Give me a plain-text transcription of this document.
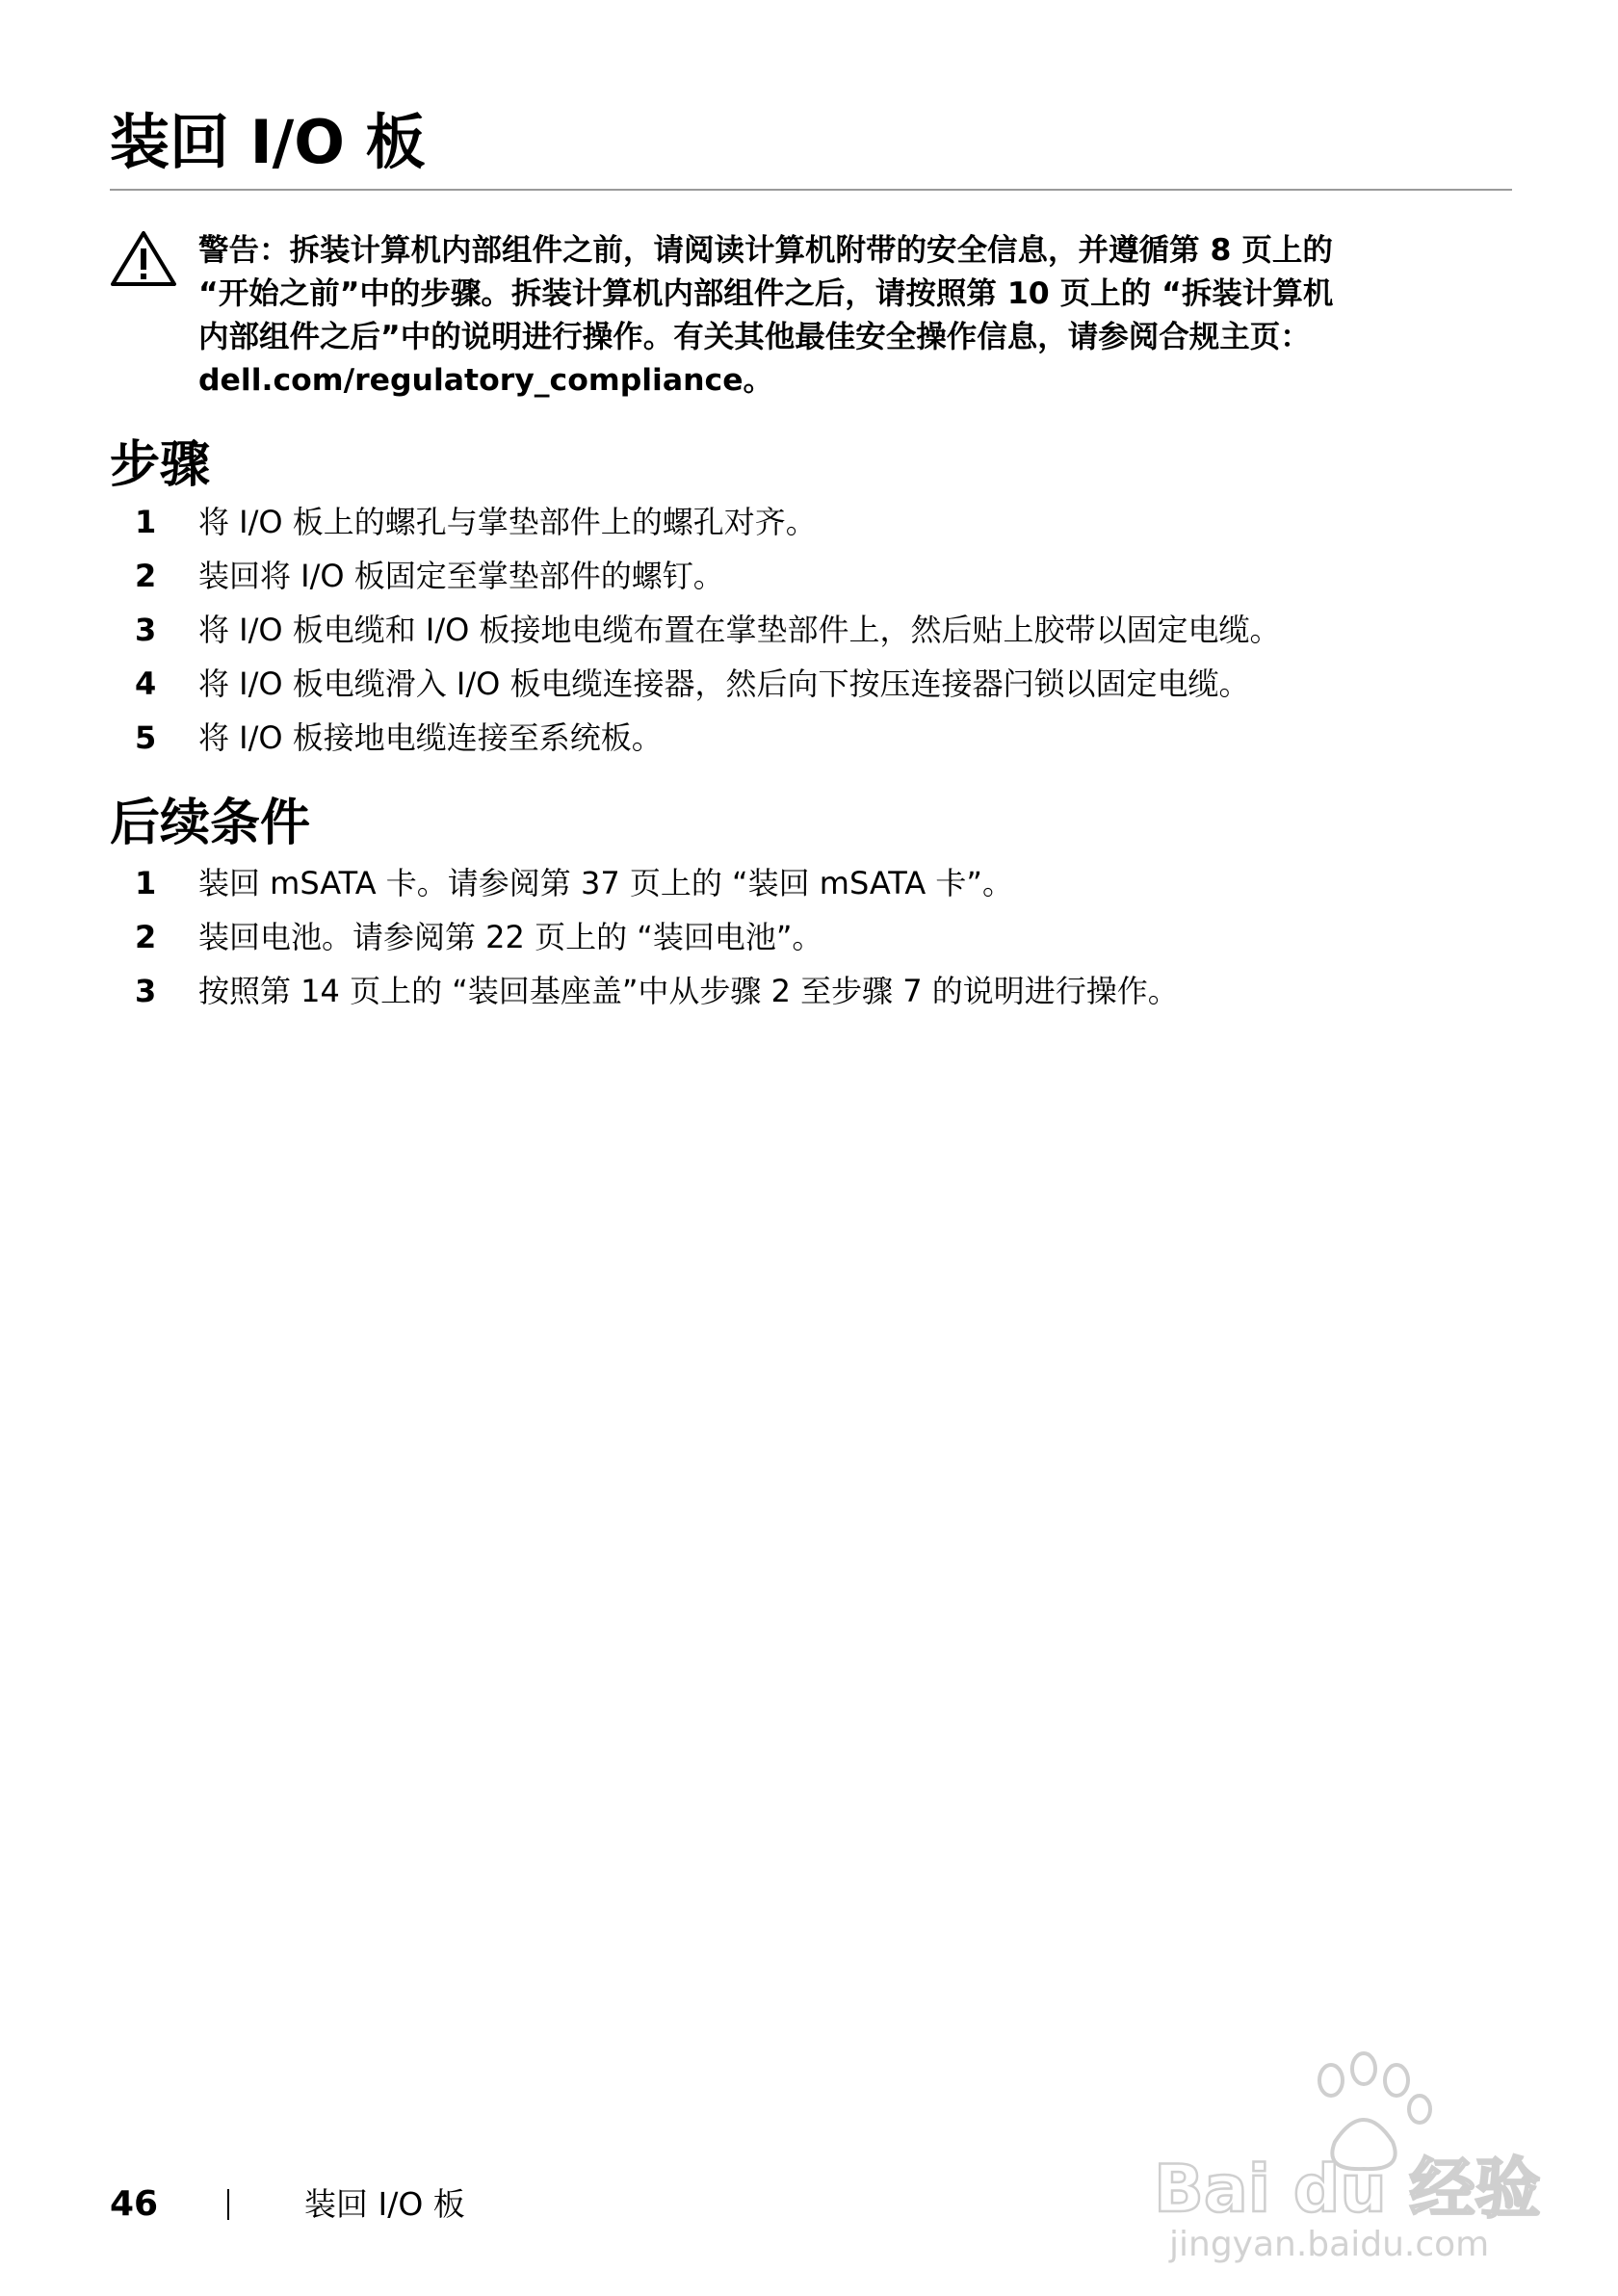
装回 I/O 板
警告：拆装计算机内部组件之前，请阅读计算机附带的安全信息，并遵循第 8 页上的
“开始之前”中的步骤。拆装计算机内部组件之后，请按照第 10 页上的 “拆装计算机
内部组件之后”中的说明进行操作。有关其他最佳安全操作信息，请参阅合规主页：
dell.com/regulatory_compliance。
步骤
1 将 I/O 板上的螺孔与掌垫部件上的螺孔对齐。
2 装回将 I/O 板固定至掌垫部件的螺钉。
3 将 I/O 板电缆和 I/O 板接地电缆布置在掌垫部件上，然后贴上胶带以固定电缆。
4 将 I/O 板电缆滑入 I/O 板电缆连接器，然后向下按压连接器闩锁以固定电缆。
5 将 I/O 板接地电缆连接至系统板。
后续条件
1 装回 mSATA 卡。请参阅第 37 页上的 “装回 mSATA 卡”。
2 装回电池。请参阅第 22 页上的 “装回电池”。
3 按照第 14 页上的 “装回基座盖”中从步骤 2 至步骤 7 的说明进行操作。
46	装回 I/O 板	Bai du 经验
jingyan.baidu.com
